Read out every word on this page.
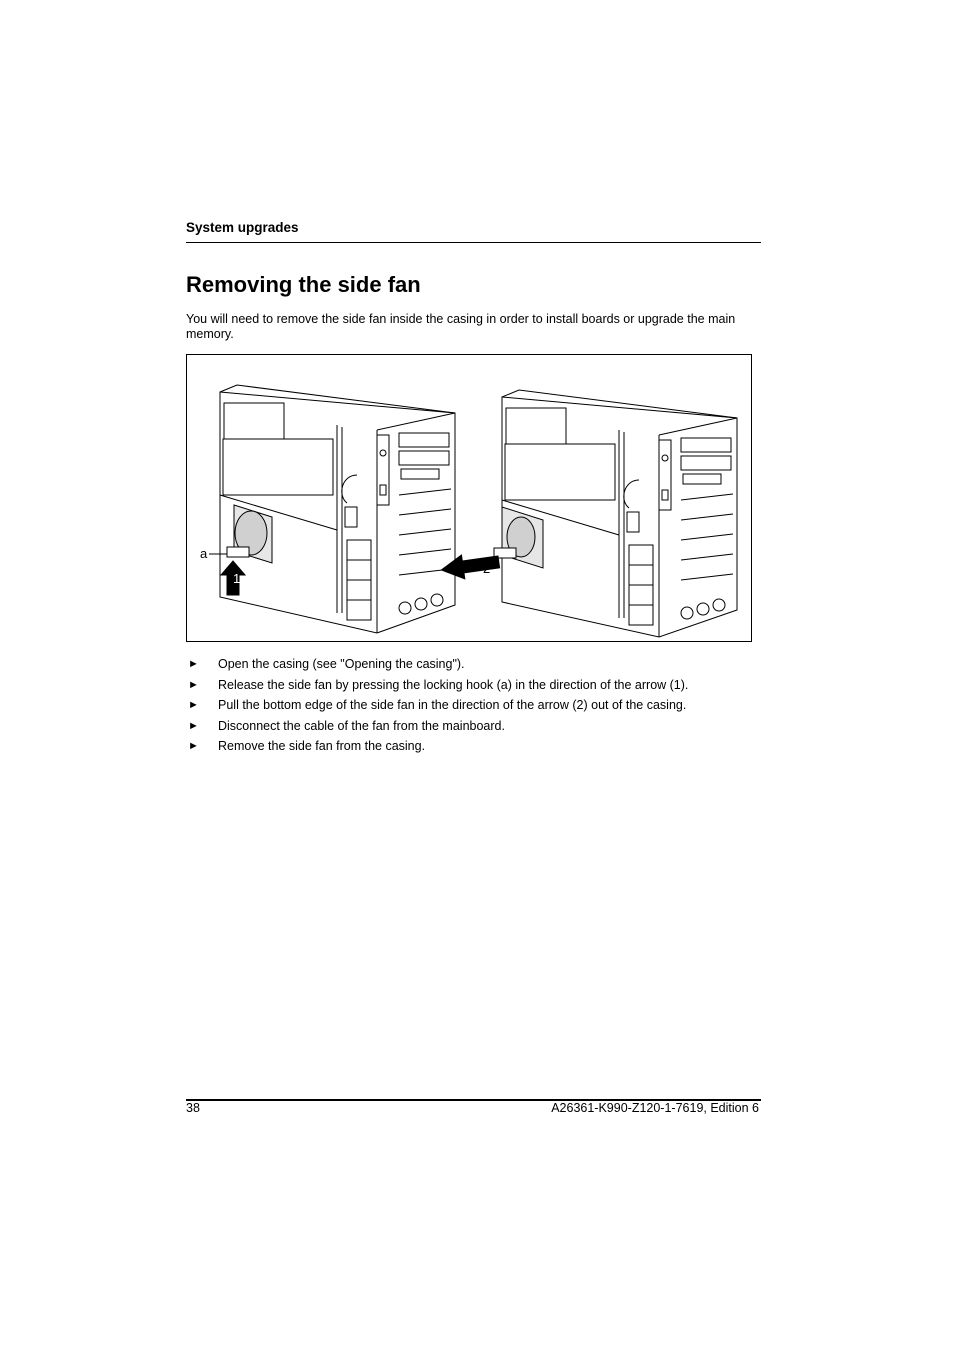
System upgrades
Removing the side fan

You will need to remove the side fan inside the casing in order to install boards or upgrade the main memory.

a
1
2
► Open the casing (see "Opening the casing").
► Release the side fan by pressing the locking hook (a) in the direction of the arrow (1).
► Pull the bottom edge of the side fan in the direction of the arrow (2) out of the casing.
► Disconnect the cable of the fan from the mainboard.
► Remove the side fan from the casing.
38	A26361-K990-Z120-1-7619, Edition 6
